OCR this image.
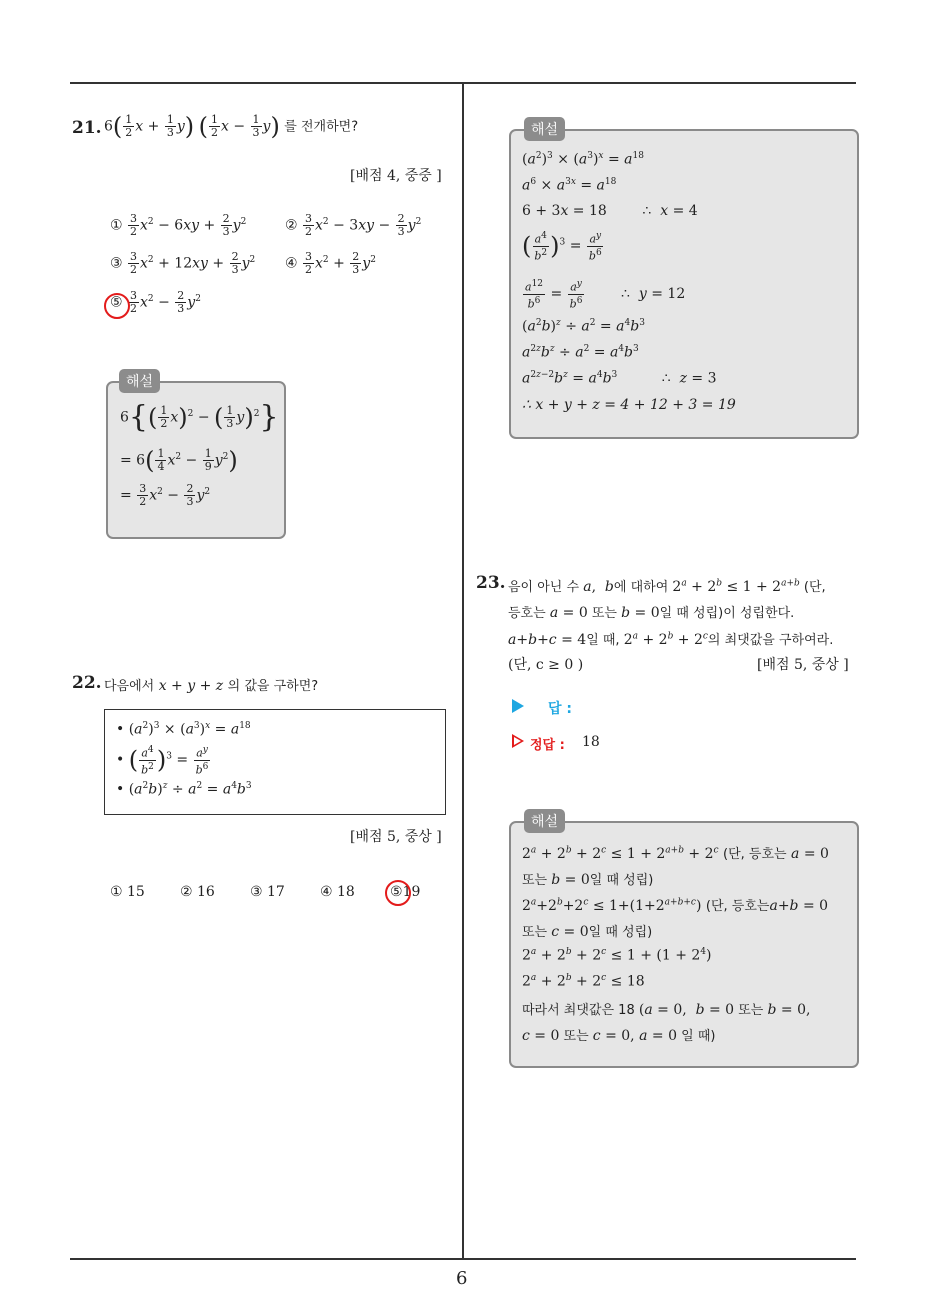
6
21. $6( \frac{1}{2}$ $x + \frac{1}{3} y$) ( $\frac{1}{2}$ $x - \frac{1}{3} y$) 를 전개하면?
[배점 4, 중중 ]
① $\frac{3}{2} x^2 - 6xy + \frac{2}{3} y^2$	② $\frac{3}{2} x^2 - 3xy - \frac{2}{3} y^2$
③ $\frac{3}{2} x^2 + 12xy + \frac{2}{3} y^2$ ④ $\frac{3}{2} x^2 + \frac{2}{3} y^2$
⑤ $\frac{3}{2} x^2 - \frac{2}{3} y^2$
해설
$6\{( \frac{1}{2} x)^2$ − ( $\frac{1}{3} y)^2$}
= $6( \frac{1}{4} x^2 - \frac{1}{9} y^2)$
= $\frac{3}{2} x^2 - \frac{2}{3} y^2$
22. 다음에서 x + y + z 의 값을 구하면?
• $(a^2)^3 \times (a^3)^x = a^{18}$
• ( $\frac{a^4}{b^2} )^3 = \frac{a^y}{b^6}$
• $(a^2b)^z \div a^2 = a^4b^3$
[배점 5, 중상 ]
① 15	② 16	③ 17	④ 18	⑤19
해설
$(a^2)^3 \times (a^3)^x = a^{18}$
$a^6 \times a^{3x} = a^{18}$
6 + 3x = 18        ∴  x = 4
( $\frac{a^4}{b^2} )^3 = \frac{a^y}{b^6}$
$\frac{a^{12}}{b^6} = \frac{a^y}{b^6}$ ∴  y = 12
$(a^2b)^z \div a^2 = a^4b^3$
$a^{2z}b^z \div a^2 = a^4b^3$
$a^{2z-2}b^z = a^4b^3$          ∴  z = 3
∴ x + y + z = 4 + 12 + 3 = 19
23. 음이 아닌 수 a,  b에 대하여 $2^a + 2^b \le 1 + 2^{a+b}$ (단,
등호는 a = 0 또는 b = 0일 때 성립)이 성립한다.
a+b+c = 4일 때, $2^a + 2^b + 2^c$의 최댓값을 구하여라.
(단, c ≥ 0 )	[배점 5, 중상 ]
답 :
정답 : 18
해설
$2^a + 2^b + 2^c \le 1 + 2^{a+b} + 2^c$ (단, 등호는 a = 0
또는 b = 0일 때 성립)
$2^a+2^b+2^c \le 1+(1+2^{a+b+c})$ (단, 등호는a+b = 0
또는 c = 0일 때 성립)
$2^a + 2^b + 2^c \le 1 + (1 + 2^4)$
$2^a + 2^b + 2^c \le 18$
따라서 최댓값은 18 (a = 0,  b = 0 또는 b = 0,
c = 0 또는 c = 0, a = 0 일 때)
